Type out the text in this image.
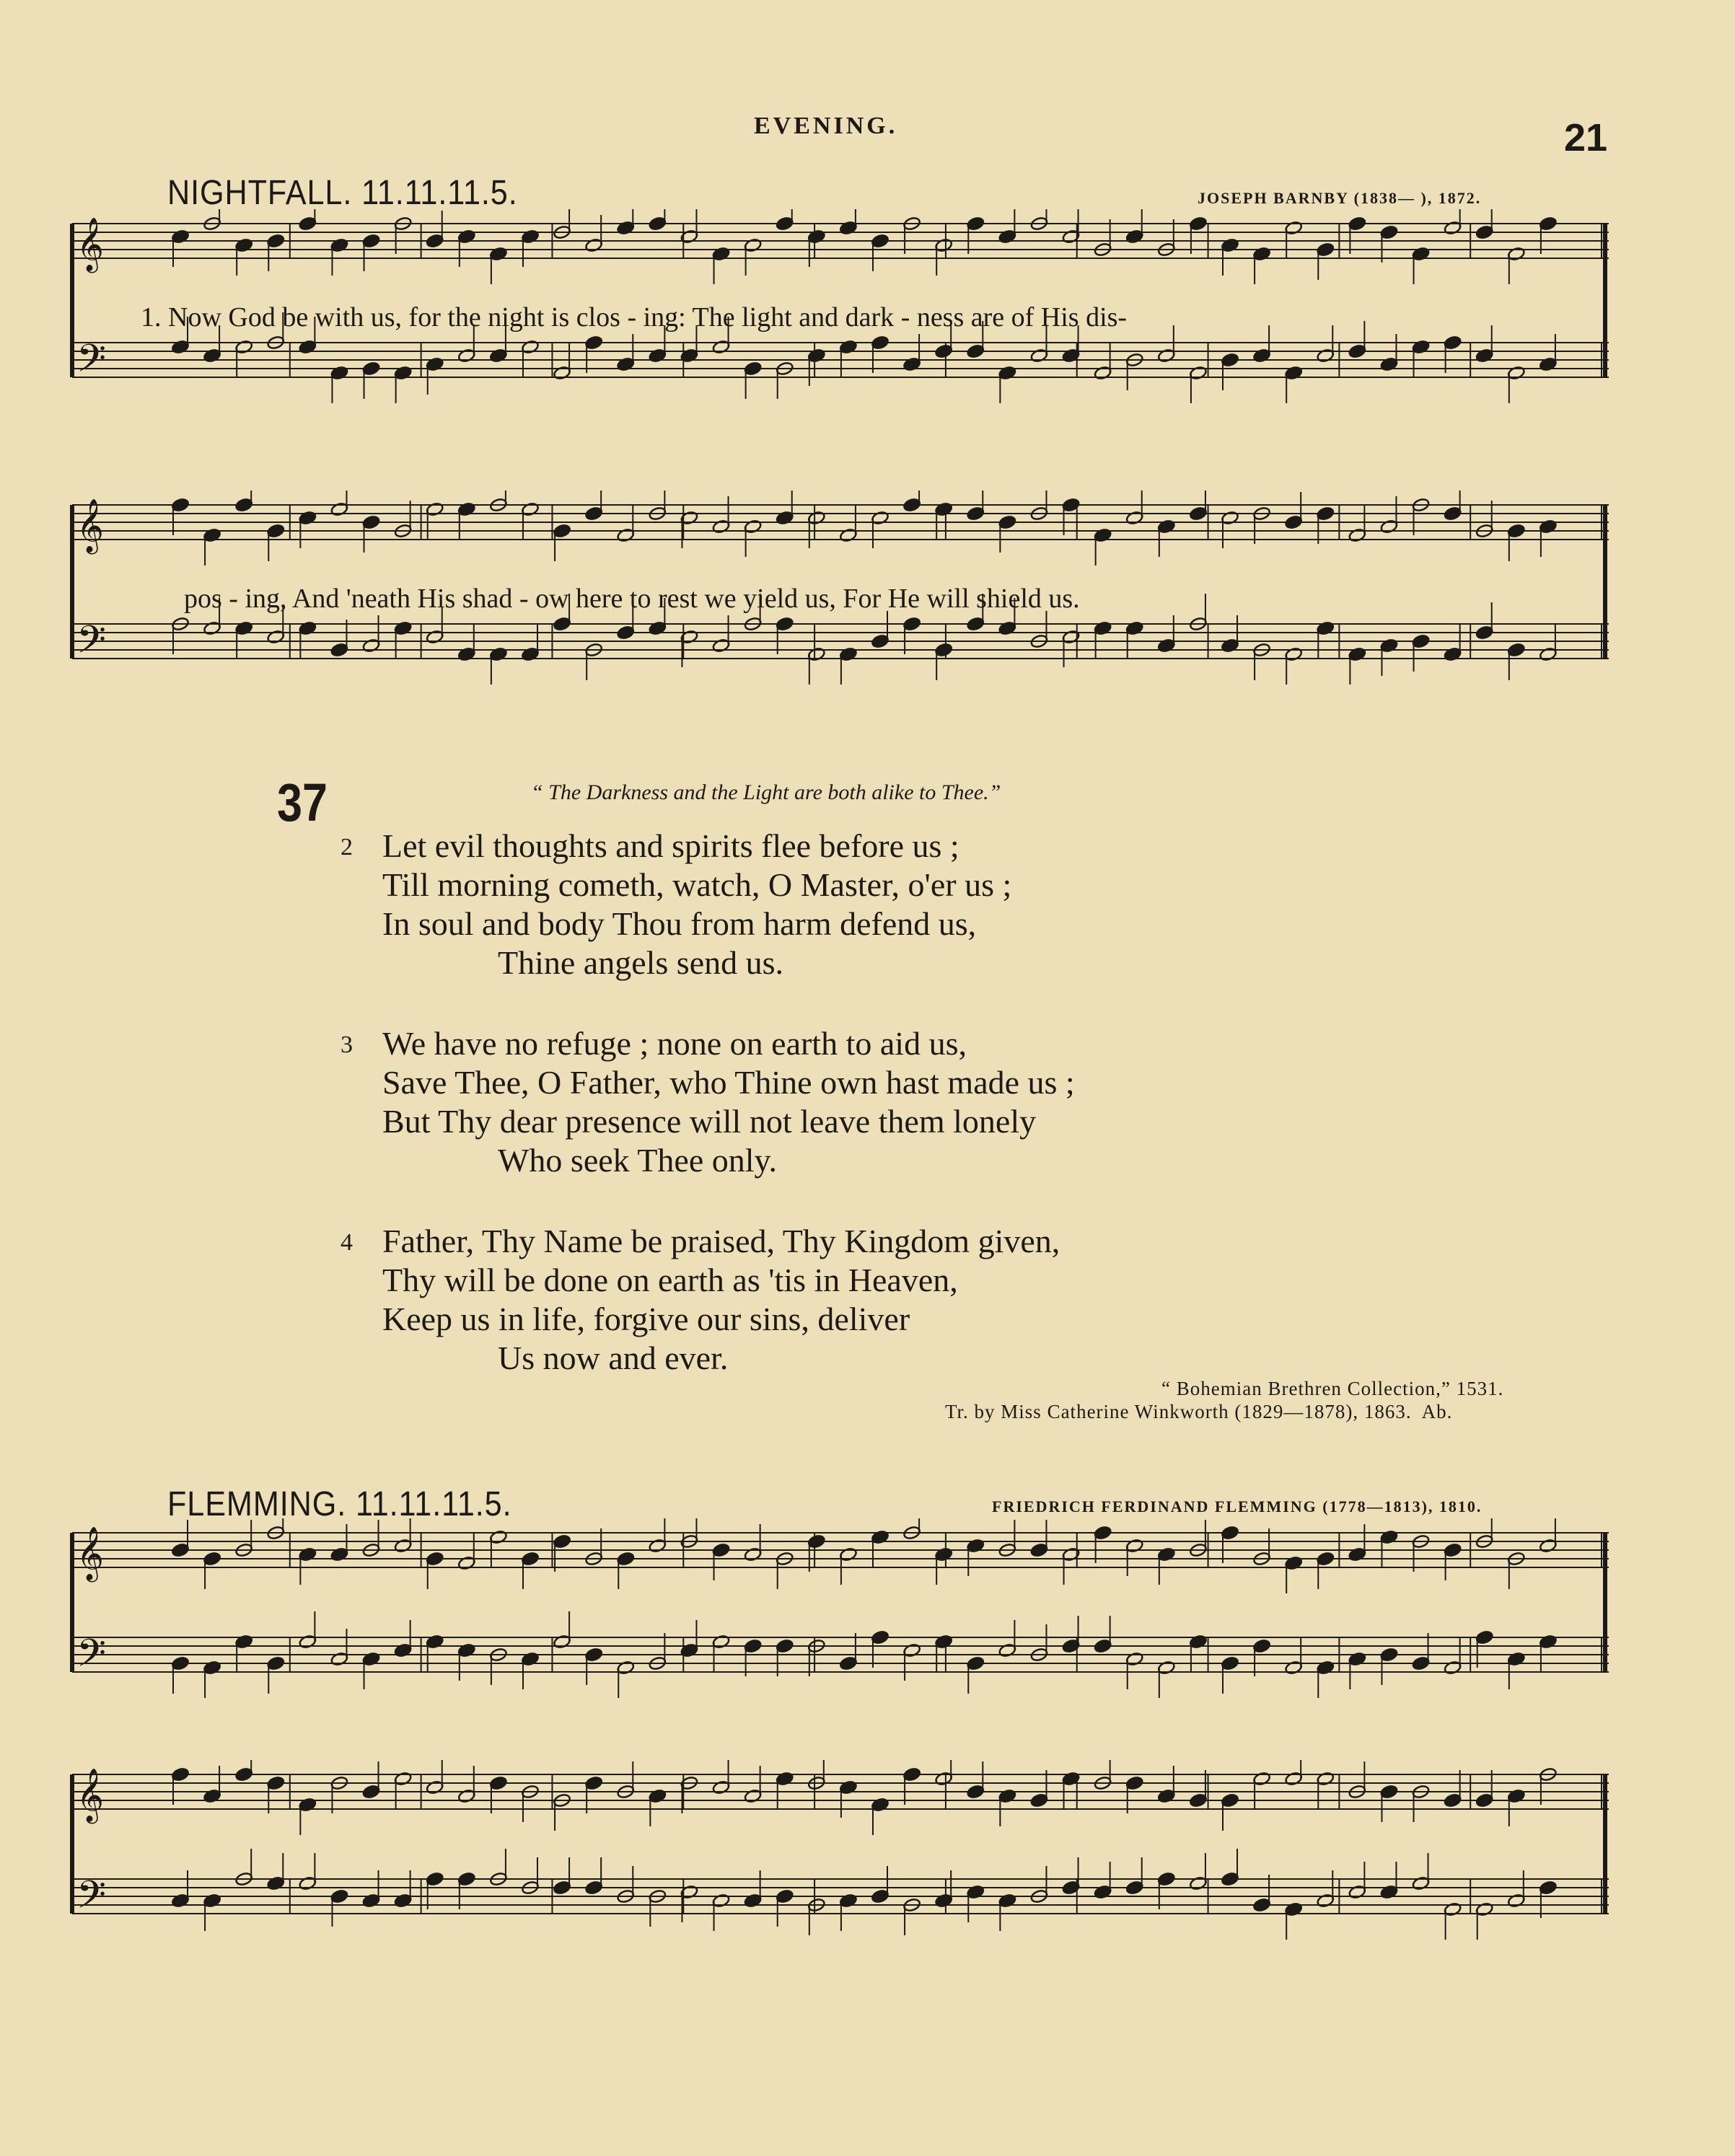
EVENING.	21
NIGHTFALL. 11.11.11.5.	JOSEPH BARNBY (1838— ), 1872.
𝄞
𝄢
1. Now God be with us, for the night is clos - ing: The light and dark - ness are of His dis-
𝄞
𝄢
pos - ing, And 'neath His shad - ow here to rest we yield us, For He will shield us.
37	“ The Darkness and the Light are both alike to Thee.”
2 Let evil thoughts and spirits flee before us ;
Till morning cometh, watch, O Master, o'er us ;
In soul and body Thou from harm defend us,
Thine angels send us.
3 We have no refuge ; none on earth to aid us,
Save Thee, O Father, who Thine own hast made us ;
But Thy dear presence will not leave them lonely
Who seek Thee only.
4 Father, Thy Name be praised, Thy Kingdom given,
Thy will be done on earth as 'tis in Heaven,
Keep us in life, forgive our sins, deliver
Us now and ever.
“ Bohemian Brethren Collection,” 1531.
Tr. by Miss Catherine Winkworth (1829—1878), 1863.  Ab.
FLEMMING. 11.11.11.5.	FRIEDRICH FERDINAND FLEMMING (1778—1813), 1810.
𝄞
𝄢
𝄞
𝄢
